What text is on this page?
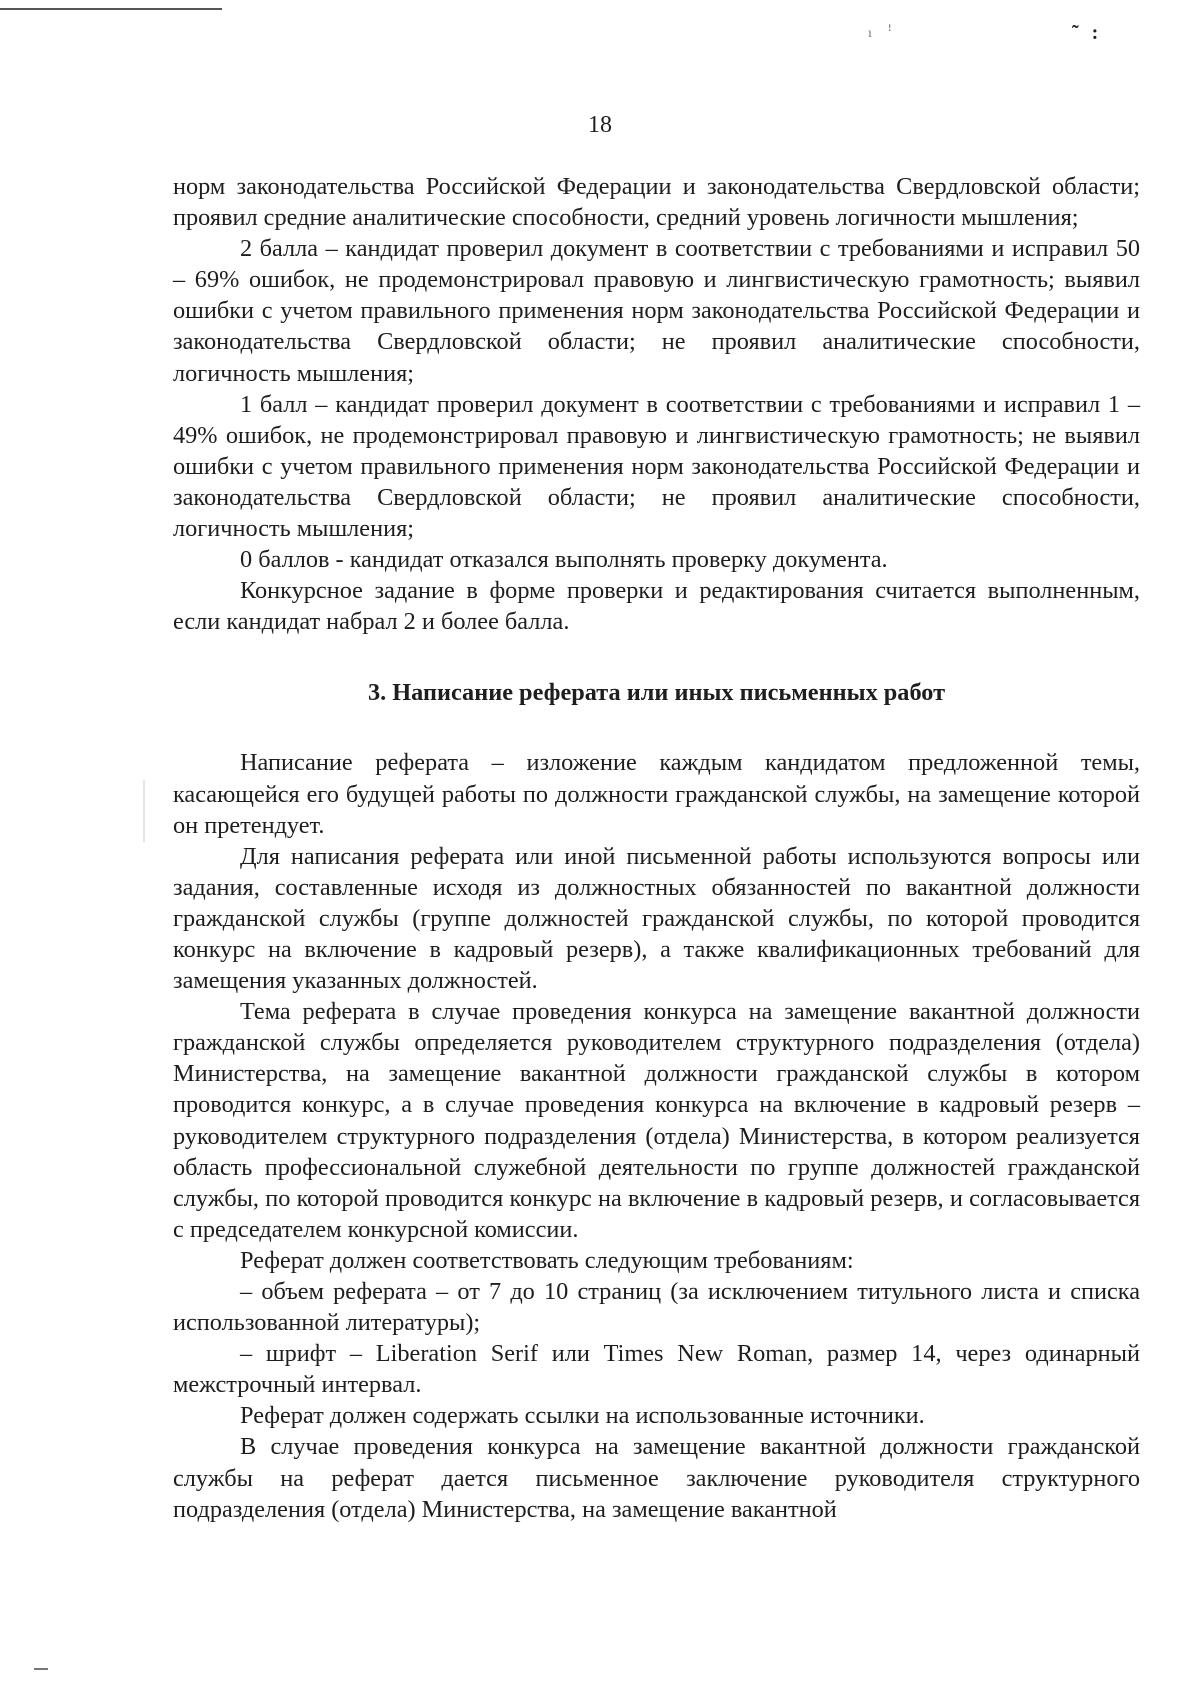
ı ꜝ	˜ :
18

норм законодательства Российской Федерации и законодательства Свердловской области; проявил средние аналитические способности, средний уровень логичности мышления;

2 балла – кандидат проверил документ в соответствии с требованиями и исправил 50 – 69% ошибок, не продемонстрировал правовую и лингвистическую грамотность; выявил ошибки с учетом правильного применения норм законодательства Российской Федерации и законодательства Свердловской области; не проявил аналитические способности, логичность мышления;

1 балл – кандидат проверил документ в соответствии с требованиями и исправил 1 – 49% ошибок, не продемонстрировал правовую и лингвистическую грамотность; не выявил ошибки с учетом правильного применения норм законодательства Российской Федерации и законодательства Свердловской области; не проявил аналитические способности, логичность мышления;

0 баллов - кандидат отказался выполнять проверку документа.

Конкурсное задание в форме проверки и редактирования считается выполненным, если кандидат набрал 2 и более балла.

3. Написание реферата или иных письменных работ

Написание реферата – изложение каждым кандидатом предложенной темы, касающейся его будущей работы по должности гражданской службы, на замещение которой он претендует.

Для написания реферата или иной письменной работы используются вопросы или задания, составленные исходя из должностных обязанностей по вакантной должности гражданской службы (группе должностей гражданской службы, по которой проводится конкурс на включение в кадровый резерв), а также квалификационных требований для замещения указанных должностей.

Тема реферата в случае проведения конкурса на замещение вакантной должности гражданской службы определяется руководителем структурного подразделения (отдела) Министерства, на замещение вакантной должности гражданской службы в котором проводится конкурс, а в случае проведения конкурса на включение в кадровый резерв – руководителем структурного подразделения (отдела) Министерства, в котором реализуется область профессиональной служебной деятельности по группе должностей гражданской службы, по которой проводится конкурс на включение в кадровый резерв, и согласовывается с председателем конкурсной комиссии.

Реферат должен соответствовать следующим требованиям:

– объем реферата – от 7 до 10 страниц (за исключением титульного листа и списка использованной литературы);

– шрифт – Liberation Serif или Times New Roman, размер 14, через одинарный межстрочный интервал.

Реферат должен содержать ссылки на использованные источники.

В случае проведения конкурса на замещение вакантной должности гражданской службы на реферат дается письменное заключение руководителя структурного подразделения (отдела) Министерства, на замещение вакантной
